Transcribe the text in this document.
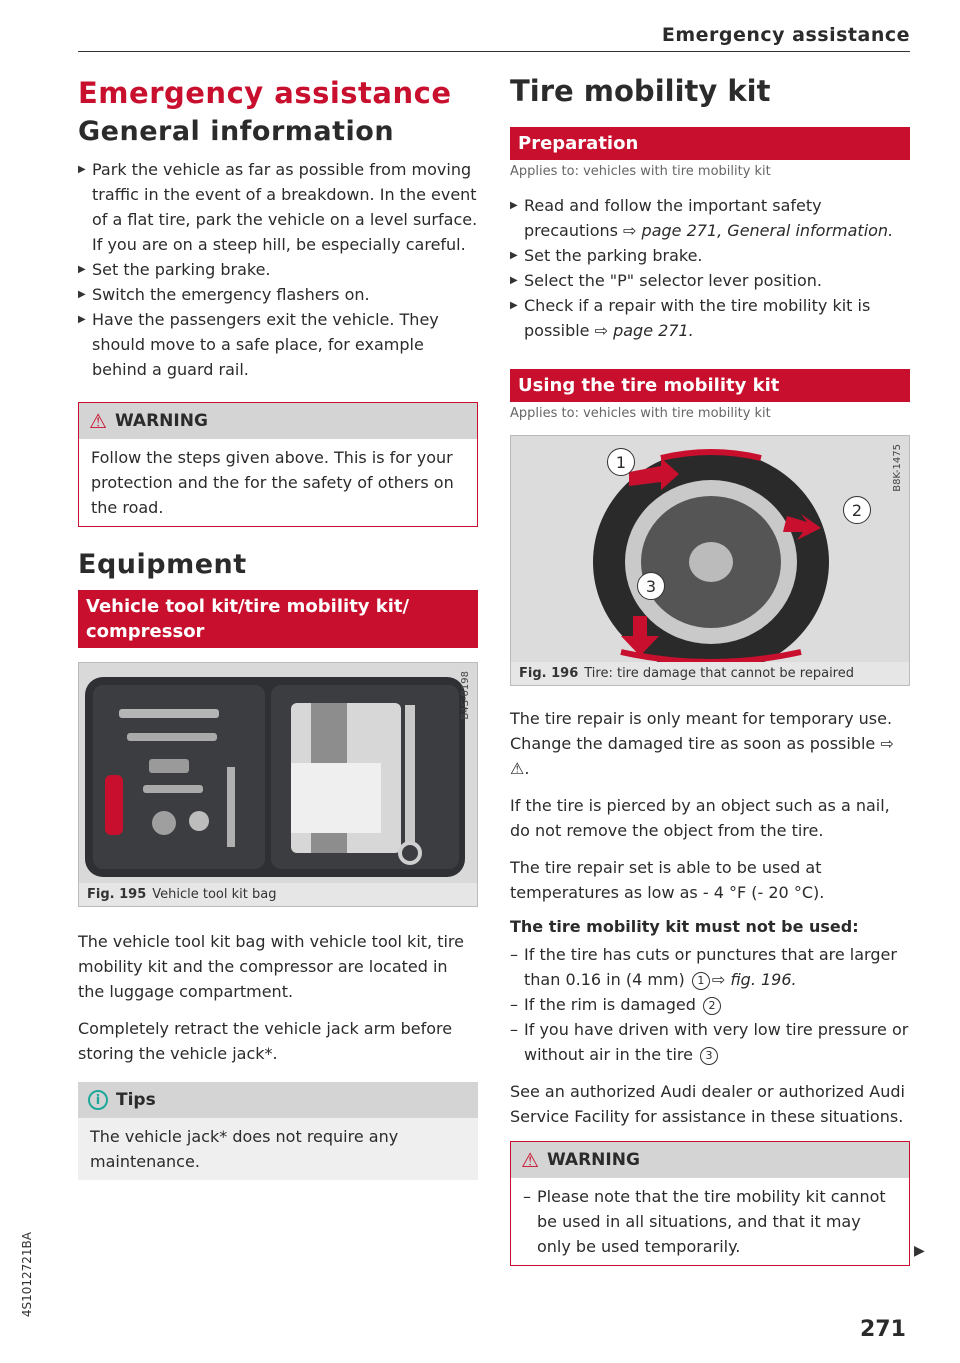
Emergency assistance
Emergency assistance
General information
▶ Park the vehicle as far as possible from moving traffic in the event of a breakdown. In the event of a flat tire, park the vehicle on a level surface. If you are on a steep hill, be especially careful.
▶ Set the parking brake.
▶ Switch the emergency flashers on.
▶ Have the passengers exit the vehicle. They should move to a safe place, for example behind a guard rail.
⚠ WARNING
Follow the steps given above. This is for your protection and the for the safety of others on the road.
Equipment
Vehicle tool kit/tire mobility kit/ compressor
B4S-0198
Fig. 195 Vehicle tool kit bag

The vehicle tool kit bag with vehicle tool kit, tire mobility kit and the compressor are located in the luggage compartment.

Completely retract the vehicle jack arm before storing the vehicle jack*.

i Tips
The vehicle jack* does not require any maintenance.
Tire mobility kit
Preparation
Applies to: vehicles with tire mobility kit
▶ Read and follow the important safety precautions ⇨ page 271, General information.
▶ Set the parking brake.
▶ Select the "P" selector lever position.
▶ Check if a repair with the tire mobility kit is possible ⇨ page 271.
Using the tire mobility kit
Applies to: vehicles with tire mobility kit
1
2
3
B8K-1475
Fig. 196 Tire: tire damage that cannot be repaired

The tire repair is only meant for temporary use. Change the damaged tire as soon as possible ⇨ ⚠.

If the tire is pierced by an object such as a nail, do not remove the object from the tire.

The tire repair set is able to be used at temperatures as low as - 4 °F (- 20 °C).

The tire mobility kit must not be used:
– If the tire has cuts or punctures that are larger than 0.16 in (4 mm) 1 ⇨ fig. 196.
– If the rim is damaged 2
– If you have driven with very low tire pressure or without air in the tire 3

See an authorized Audi dealer or authorized Audi Service Facility for assistance in these situations.

⚠ WARNING
– Please note that the tire mobility kit cannot be used in all situations, and that it may only be used temporarily.	▶
271
4S1012721BA
